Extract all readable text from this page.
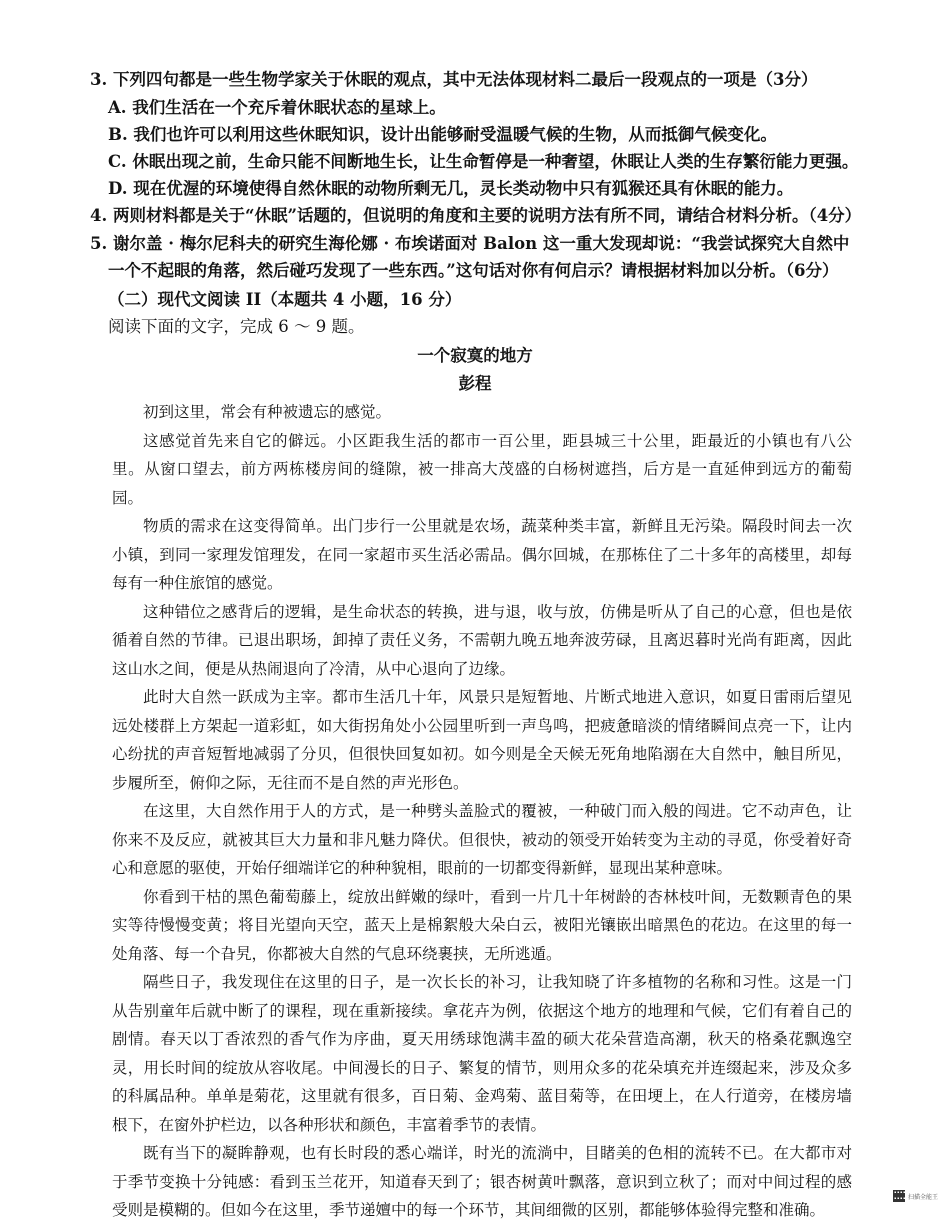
3. 下列四句都是一些生物学家关于休眠的观点，其中无法体现材料二最后一段观点的一项是（3分）
A. 我们生活在一个充斥着休眠状态的星球上。
B. 我们也许可以利用这些休眠知识，设计出能够耐受温暖气候的生物，从而抵御气候变化。
C. 休眠出现之前，生命只能不间断地生长，让生命暂停是一种奢望，休眠让人类的生存繁衍能力更强。
D. 现在优渥的环境使得自然休眠的动物所剩无几，灵长类动物中只有狐猴还具有休眠的能力。
4. 两则材料都是关于“休眠”话题的，但说明的角度和主要的说明方法有所不同，请结合材料分析。（4分）
5. 谢尔盖 · 梅尔尼科夫的研究生海伦娜 · 布埃诺面对 Balon 这一重大发现却说：“我尝试探究大自然中
一个不起眼的角落，然后碰巧发现了一些东西。”这句话对你有何启示？请根据材料加以分析。（6分）
（二）现代文阅读 II（本题共 4 小题，16 分）
阅读下面的文字，完成 6 ～ 9 题。
一个寂寞的地方
彭程

初到这里，常会有种被遗忘的感觉。

这感觉首先来自它的僻远。小区距我生活的都市一百公里，距县城三十公里，距最近的小镇也有八公里。从窗口望去，前方两栋楼房间的缝隙，被一排高大茂盛的白杨树遮挡，后方是一直延伸到远方的葡萄园。

物质的需求在这变得简单。出门步行一公里就是农场，蔬菜种类丰富，新鲜且无污染。隔段时间去一次小镇，到同一家理发馆理发，在同一家超市买生活必需品。偶尔回城，在那栋住了二十多年的高楼里，却每每有一种住旅馆的感觉。

这种错位之感背后的逻辑，是生命状态的转换，进与退，收与放，仿佛是听从了自己的心意，但也是依循着自然的节律。已退出职场，卸掉了责任义务，不需朝九晚五地奔波劳碌，且离迟暮时光尚有距离，因此这山水之间，便是从热闹退向了冷清，从中心退向了边缘。

此时大自然一跃成为主宰。都市生活几十年，风景只是短暂地、片断式地进入意识，如夏日雷雨后望见远处楼群上方架起一道彩虹，如大街拐角处小公园里听到一声鸟鸣，把疲惫暗淡的情绪瞬间点亮一下，让内心纷扰的声音短暂地减弱了分贝，但很快回复如初。如今则是全天候无死角地陷溺在大自然中，触目所见，步履所至，俯仰之际，无往而不是自然的声光形色。

在这里，大自然作用于人的方式，是一种劈头盖脸式的覆被，一种破门而入般的闯进。它不动声色，让你来不及反应，就被其巨大力量和非凡魅力降伏。但很快，被动的领受开始转变为主动的寻觅，你受着好奇心和意愿的驱使，开始仔细端详它的种种貌相，眼前的一切都变得新鲜，显现出某种意味。

你看到干枯的黑色葡萄藤上，绽放出鲜嫩的绿叶，看到一片几十年树龄的杏林枝叶间，无数颗青色的果实等待慢慢变黄；将目光望向天空，蓝天上是棉絮般大朵白云，被阳光镶嵌出暗黑色的花边。在这里的每一处角落、每一个旮旯，你都被大自然的气息环绕裹挟，无所逃遁。

隔些日子，我发现住在这里的日子，是一次长长的补习，让我知晓了许多植物的名称和习性。这是一门从告别童年后就中断了的课程，现在重新接续。拿花卉为例，依据这个地方的地理和气候，它们有着自己的剧情。春天以丁香浓烈的香气作为序曲，夏天用绣球饱满丰盈的硕大花朵营造高潮，秋天的格桑花飘逸空灵，用长时间的绽放从容收尾。中间漫长的日子、繁复的情节，则用众多的花朵填充并连缀起来，涉及众多的科属品种。单单是菊花，这里就有很多，百日菊、金鸡菊、蓝目菊等，在田埂上，在人行道旁，在楼房墙根下，在窗外护栏边，以各种形状和颜色，丰富着季节的表情。

既有当下的凝眸静观，也有长时段的悉心端详，时光的流淌中，目睹美的色相的流转不已。在大都市对于季节变换十分钝感：看到玉兰花开，知道春天到了；银杏树黄叶飘落，意识到立秋了；而对中间过程的感受则是模糊的。但如今在这里，季节递嬗中的每一个环节，其间细微的区别，都能够体验得完整和准确。

扫描全能王
